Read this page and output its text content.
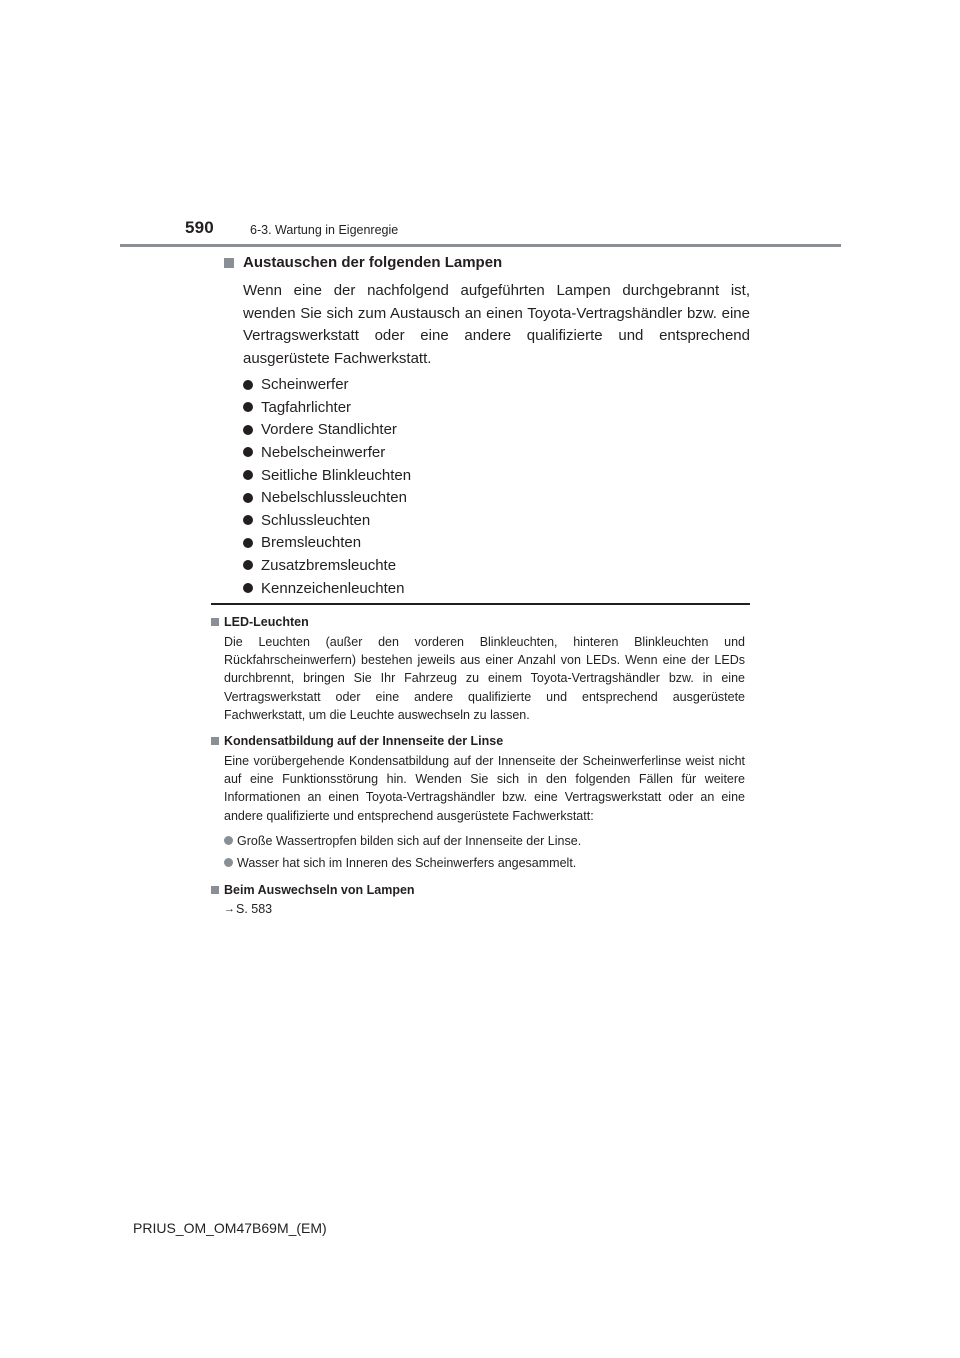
590	6-3. Wartung in Eigenregie
Austauschen der folgenden Lampen

Wenn eine der nachfolgend aufgeführten Lampen durchgebrannt ist, wenden Sie sich zum Austausch an einen Toyota-Vertragshändler bzw. eine Vertragswerkstatt oder eine andere qualifizierte und entsprechend ausgerüstete Fachwerkstatt.

Scheinwerfer
Tagfahrlichter
Vordere Standlichter
Nebelscheinwerfer
Seitliche Blinkleuchten
Nebelschlussleuchten
Schlussleuchten
Bremsleuchten
Zusatzbremsleuchte
Kennzeichenleuchten
LED-Leuchten

Die Leuchten (außer den vorderen Blinkleuchten, hinteren Blinkleuchten und Rückfahrscheinwerfern) bestehen jeweils aus einer Anzahl von LEDs. Wenn eine der LEDs durchbrennt, bringen Sie Ihr Fahrzeug zu einem Toyota-Vertragshändler bzw. in eine Vertragswerkstatt oder eine andere qualifizierte und entsprechend ausgerüstete Fachwerkstatt, um die Leuchte auswechseln zu lassen.

Kondensatbildung auf der Innenseite der Linse

Eine vorübergehende Kondensatbildung auf der Innenseite der Scheinwerferlinse weist nicht auf eine Funktionsstörung hin. Wenden Sie sich in den folgenden Fällen für weitere Informationen an einen Toyota-Vertragshändler bzw. eine Vertragswerkstatt oder an eine andere qualifizierte und entsprechend ausgerüstete Fachwerkstatt:

Große Wassertropfen bilden sich auf der Innenseite der Linse.
Wasser hat sich im Inneren des Scheinwerfers angesammelt.
Beim Auswechseln von Lampen
→ S. 583
PRIUS_OM_OM47B69M_(EM)
